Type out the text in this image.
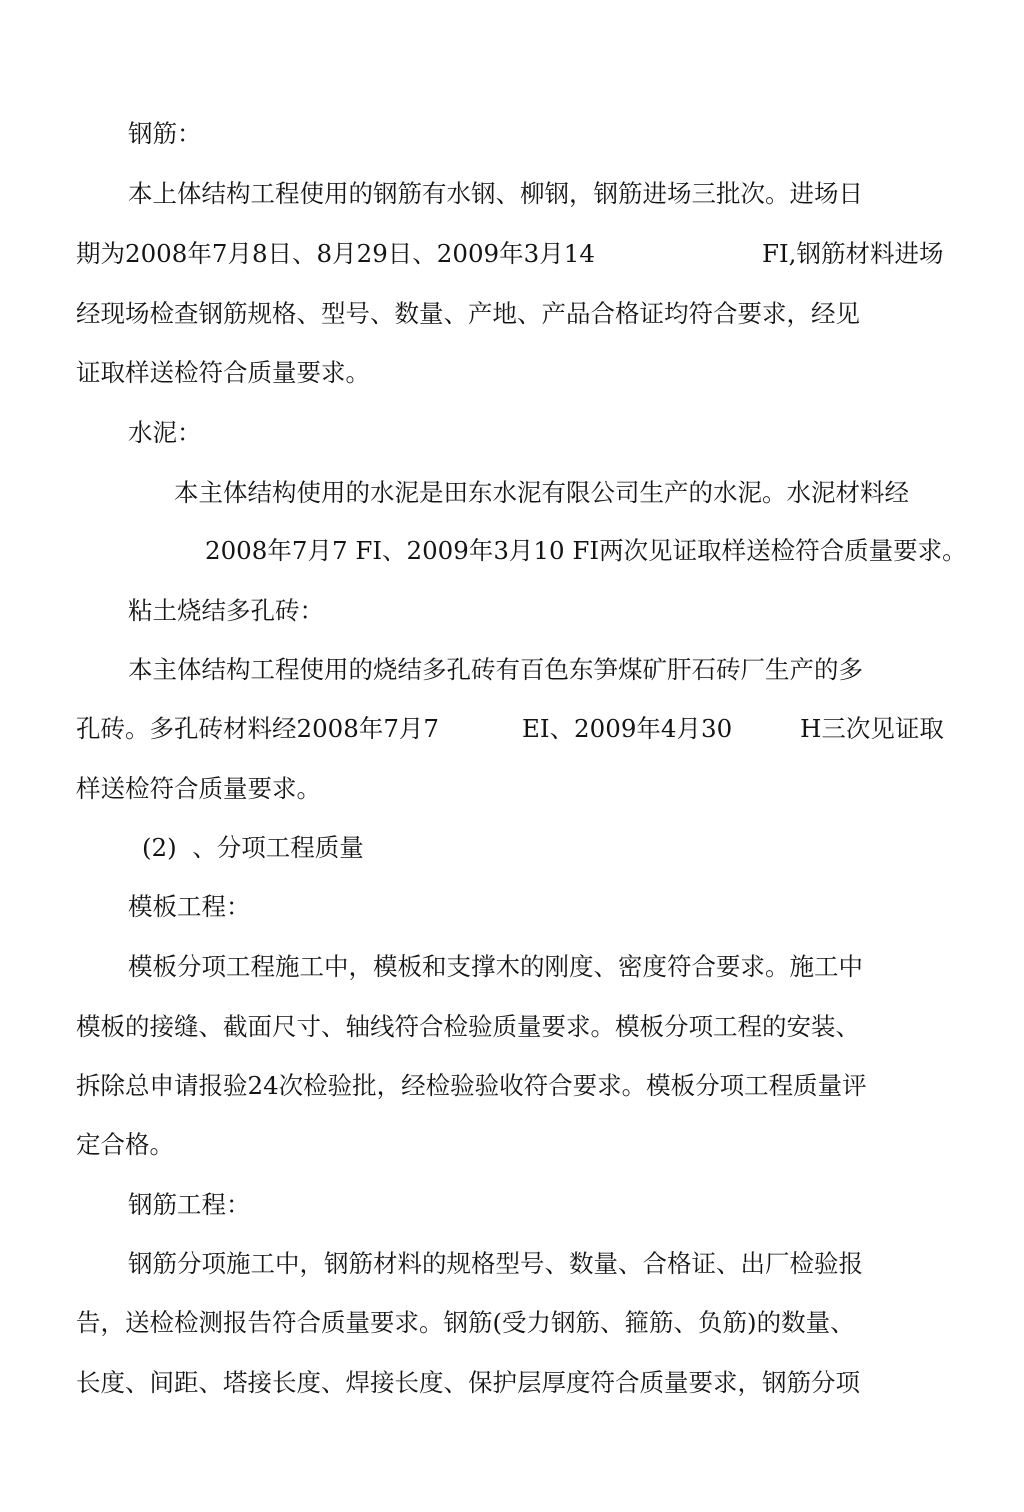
钢筋：

本上体结构工程使用的钢筋有水钢、柳钢，钢筋进场三批次。进场日

期为2008年7月8日、8月29日、2009年3月14	FI,钢筋材料进场

经现场检查钢筋规格、型号、数量、产地、产品合格证均符合要求，经见

证取样送检符合质量要求。

水泥：

本主体结构使用的水泥是田东水泥有限公司生产的水泥。水泥材料经

2008年7月7 FI、2009年3月10 FI两次见证取样送检符合质量要求。

粘土烧结多孔砖：

本主体结构工程使用的烧结多孔砖有百色东笋煤矿肝石砖厂生产的多

孔砖。多孔砖材料经2008年7月7	EI、2009年4月30	H三次见证取

样送检符合质量要求。

(2)  、分项工程质量

模板工程：

模板分项工程施工中，模板和支撑木的刚度、密度符合要求。施工中

模板的接缝、截面尺寸、轴线符合检验质量要求。模板分项工程的安装、

拆除总申请报验24次检验批，经检验验收符合要求。模板分项工程质量评

定合格。

钢筋工程：

钢筋分项施工中，钢筋材料的规格型号、数量、合格证、出厂检验报

告，送检检测报告符合质量要求。钢筋(受力钢筋、箍筋、负筋)的数量、

长度、间距、塔接长度、焊接长度、保护层厚度符合质量要求，钢筋分项
